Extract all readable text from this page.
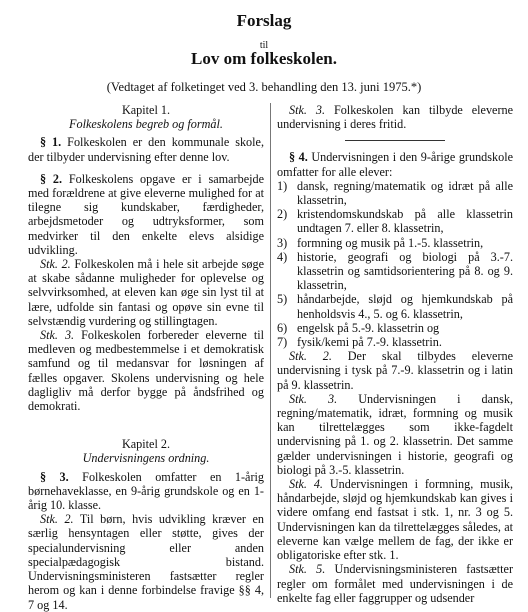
Forslag
til
Lov om folkeskolen.
(Vedtaget af folketinget ved 3. behandling den 13. juni 1975.*)

Kapitel 1.

Folkeskolens begreb og formål.

§ 1. Folkeskolen er den kommunale skole, der tilbyder undervisning efter denne lov.

§ 2. Folkeskolens opgave er i samarbejde med forældrene at give eleverne mulighed for at tilegne sig kundskaber, færdigheder, arbejdsmetoder og udtryksformer, som medvirker til den enkelte elevs alsidige udvikling.

Stk. 2. Folkeskolen må i hele sit arbejde søge at skabe sådanne muligheder for oplevelse og selvvirksomhed, at eleven kan øge sin lyst til at lære, udfolde sin fantasi og opøve sin evne til selvstændig vurdering og stillingtagen.

Stk. 3. Folkeskolen forbereder eleverne til medleven og medbestemmelse i et demokratisk samfund og til medansvar for løsningen af fælles opgaver. Skolens undervisning og hele dagligliv må derfor bygge på åndsfrihed og demokrati.

Kapitel 2.

Undervisningens ordning.

§ 3. Folkeskolen omfatter en 1-årig børnehaveklasse, en 9-årig grundskole og en 1-årig 10. klasse.

Stk. 2. Til børn, hvis udvikling kræver en særlig hensyntagen eller støtte, gives der specialundervisning eller anden specialpædagogisk bistand. Undervisningsministeren fastsætter regler herom og kan i denne forbindelse fravige §§ 4, 7 og 14.

Stk. 3. Folkeskolen kan tilbyde eleverne undervisning i deres fritid.

§ 4. Undervisningen i den 9-årige grundskole omfatter for alle elever:

1) dansk, regning/matematik og idræt på alle klassetrin,
2) kristendomskundskab på alle klassetrin undtagen 7. eller 8. klassetrin,
3) formning og musik på 1.-5. klassetrin,
4) historie, geografi og biologi på 3.-7. klassetrin og samtidsorientering på 8. og 9. klassetrin,
5) håndarbejde, sløjd og hjemkundskab på henholdsvis 4., 5. og 6. klassetrin,
6) engelsk på 5.-9. klassetrin og
7) fysik/kemi på 7.-9. klassetrin.

Stk. 2. Der skal tilbydes eleverne undervisning i tysk på 7.-9. klassetrin og i latin på 9. klassetrin.

Stk. 3. Undervisningen i dansk, regning/matematik, idræt, formning og musik kan tilrettelægges som ikke-fagdelt undervisning på 1. og 2. klassetrin. Det samme gælder undervisningen i historie, geografi og biologi på 3.-5. klassetrin.

Stk. 4. Undervisningen i formning, musik, håndarbejde, sløjd og hjemkundskab kan gives i videre omfang end fastsat i stk. 1, nr. 3 og 5. Undervisningen kan da tilrettelægges således, at eleverne kan vælge mellem de fag, der ikke er obligatoriske efter stk. 1.

Stk. 5. Undervisningsministeren fastsætter regler om formålet med undervisningen i de enkelte fag eller faggrupper og udsender
